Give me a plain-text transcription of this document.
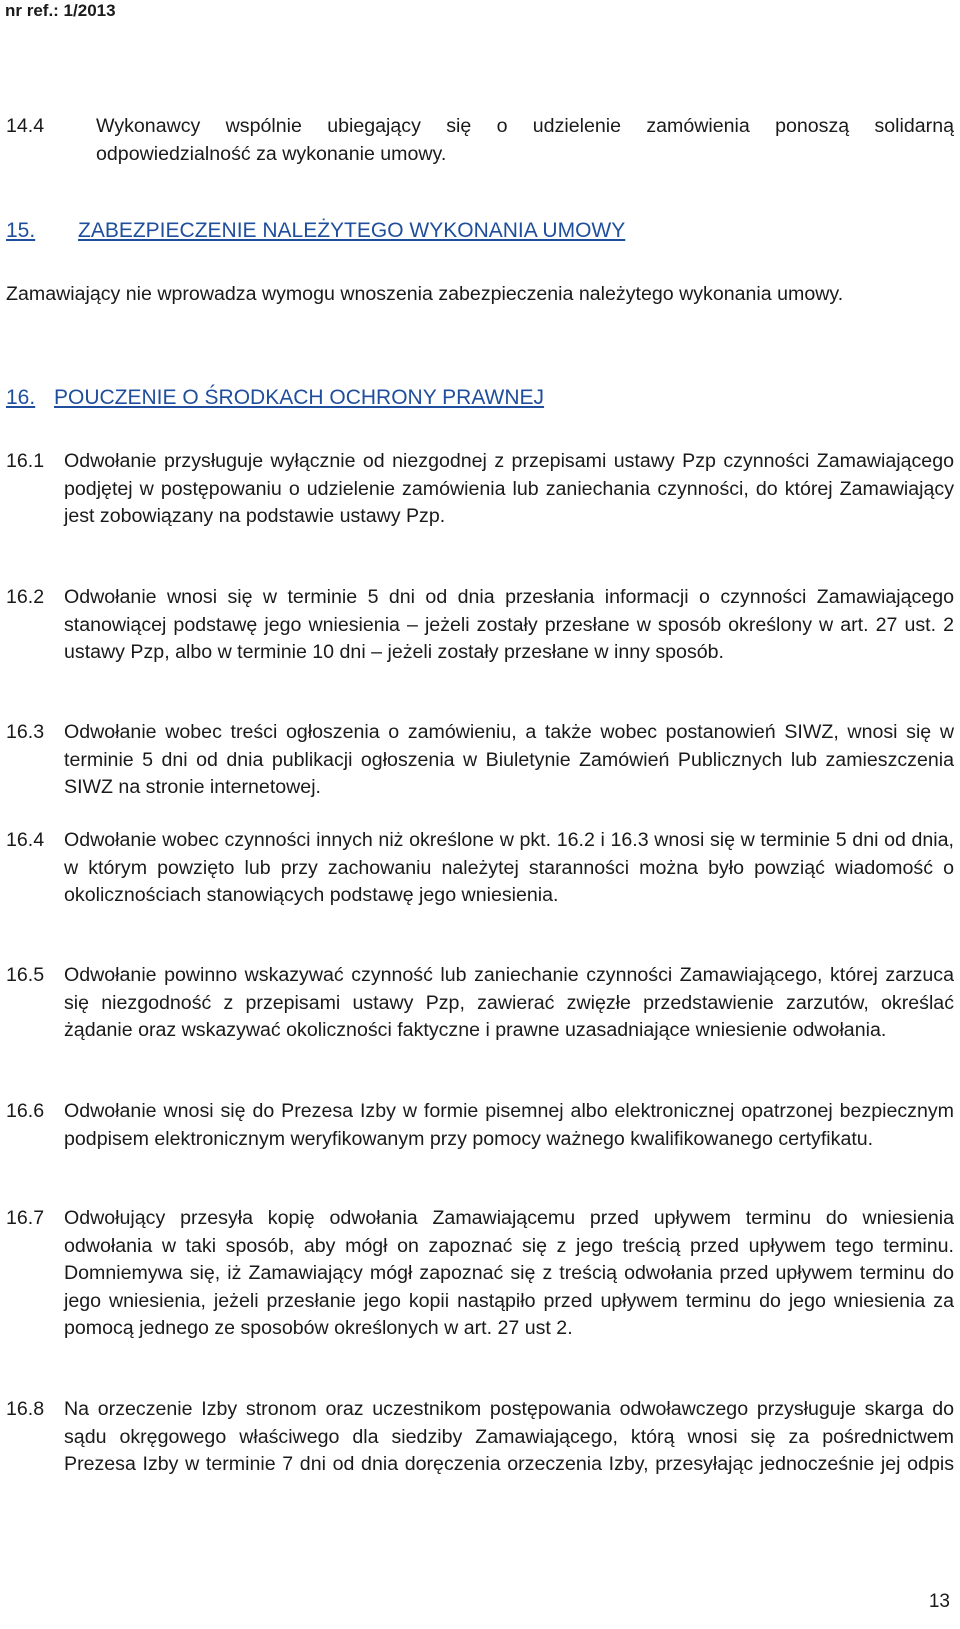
nr ref.: 1/2013
14.4	Wykonawcy wspólnie ubiegający się o udzielenie zamówienia ponoszą solidarną odpowiedzialność za wykonanie umowy.
15. ZABEZPIECZENIE NALEŻYTEGO WYKONANIA UMOWY
Zamawiający nie wprowadza wymogu wnoszenia zabezpieczenia należytego wykonania umowy.
16. POUCZENIE O ŚRODKACH OCHRONY PRAWNEJ
16.1 Odwołanie przysługuje wyłącznie od niezgodnej z przepisami ustawy Pzp czynności Zamawiającego podjętej w postępowaniu o udzielenie zamówienia lub zaniechania czynności, do której Zamawiający jest zobowiązany na podstawie ustawy Pzp.
16.2 Odwołanie wnosi się w terminie 5 dni od dnia przesłania informacji o czynności Zamawiającego stanowiącej podstawę jego wniesienia – jeżeli zostały przesłane w sposób określony w art. 27 ust. 2 ustawy Pzp, albo w terminie 10 dni – jeżeli zostały przesłane w inny sposób.
16.3 Odwołanie wobec treści ogłoszenia o zamówieniu, a także wobec postanowień SIWZ, wnosi się w terminie 5 dni od dnia publikacji ogłoszenia w Biuletynie Zamówień Publicznych lub zamieszczenia SIWZ na stronie internetowej.
16.4 Odwołanie wobec czynności innych niż określone w pkt. 16.2 i 16.3 wnosi się w terminie 5 dni od dnia, w którym powzięto lub przy zachowaniu należytej staranności można było powziąć wiadomość o okolicznościach stanowiących podstawę jego wniesienia.
16.5 Odwołanie powinno wskazywać czynność lub zaniechanie czynności Zamawiającego, której zarzuca się niezgodność z przepisami ustawy Pzp, zawierać zwięzłe przedstawienie zarzutów, określać żądanie oraz wskazywać okoliczności faktyczne i prawne uzasadniające wniesienie odwołania.
16.6 Odwołanie wnosi się do Prezesa Izby w formie pisemnej albo elektronicznej opatrzonej bezpiecznym podpisem elektronicznym weryfikowanym przy pomocy ważnego kwalifikowanego certyfikatu.
16.7 Odwołujący przesyła kopię odwołania Zamawiającemu przed upływem terminu do wniesienia odwołania w taki sposób, aby mógł on zapoznać się z jego treścią przed upływem tego terminu. Domniemywa się, iż Zamawiający mógł zapoznać się z treścią odwołania przed upływem terminu do jego wniesienia, jeżeli przesłanie jego kopii nastąpiło przed upływem terminu do jego wniesienia za pomocą jednego ze sposobów określonych w art. 27 ust 2.
16.8 Na orzeczenie Izby stronom oraz uczestnikom postępowania odwoławczego przysługuje skarga do sądu okręgowego właściwego dla siedziby Zamawiającego, którą wnosi się za pośrednictwem Prezesa Izby w terminie 7 dni od dnia doręczenia orzeczenia Izby, przesyłając jednocześnie jej odpis
13
